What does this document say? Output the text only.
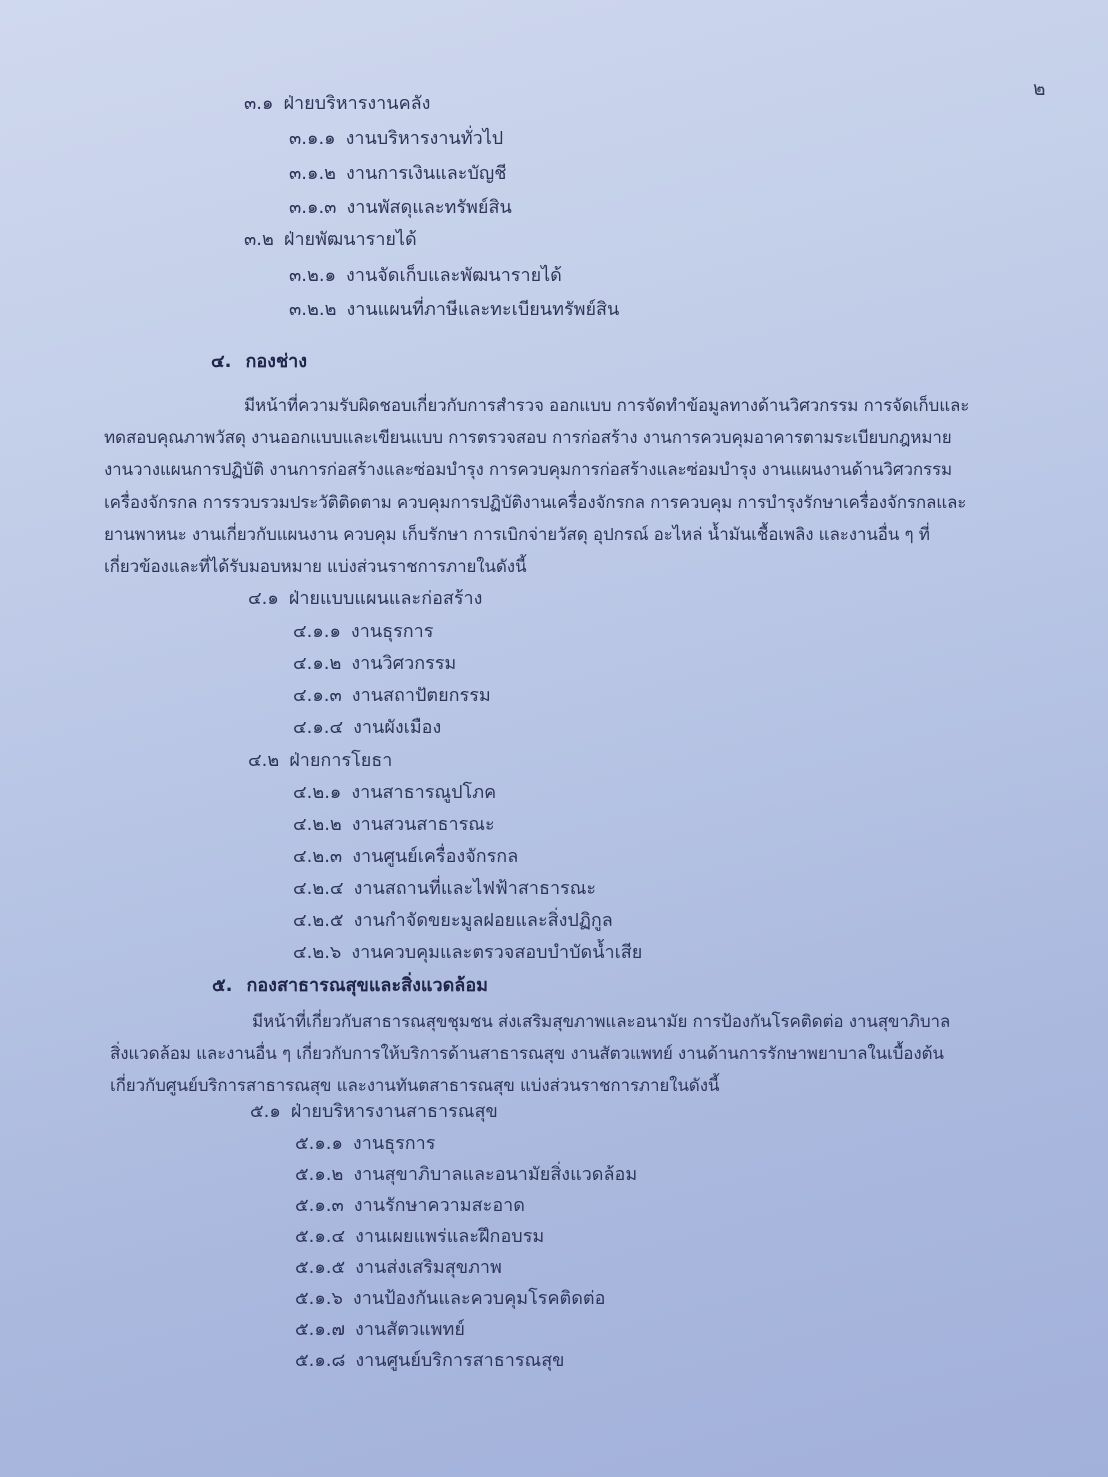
๒
๓.๑ ฝ่ายบริหารงานคลัง
๓.๑.๑ งานบริหารงานทั่วไป
๓.๑.๒ งานการเงินและบัญชี
๓.๑.๓ งานพัสดุและทรัพย์สิน
๓.๒ ฝ่ายพัฒนารายได้
๓.๒.๑ งานจัดเก็บและพัฒนารายได้
๓.๒.๒ งานแผนที่ภาษีและทะเบียนทรัพย์สิน
๔. กองช่าง
มีหน้าที่ความรับผิดชอบเกี่ยวกับการสำรวจ ออกแบบ การจัดทำข้อมูลทางด้านวิศวกรรม การจัดเก็บและ
ทดสอบคุณภาพวัสดุ งานออกแบบและเขียนแบบ การตรวจสอบ การก่อสร้าง งานการควบคุมอาคารตามระเบียบกฎหมาย
งานวางแผนการปฏิบัติ งานการก่อสร้างและซ่อมบำรุง การควบคุมการก่อสร้างและซ่อมบำรุง งานแผนงานด้านวิศวกรรม
เครื่องจักรกล การรวบรวมประวัติติดตาม ควบคุมการปฏิบัติงานเครื่องจักรกล การควบคุม การบำรุงรักษาเครื่องจักรกลและ
ยานพาหนะ งานเกี่ยวกับแผนงาน ควบคุม เก็บรักษา การเบิกจ่ายวัสดุ อุปกรณ์ อะไหล่ น้ำมันเชื้อเพลิง และงานอื่น ๆ ที่
เกี่ยวข้องและที่ได้รับมอบหมาย แบ่งส่วนราชการภายในดังนี้
๔.๑ ฝ่ายแบบแผนและก่อสร้าง
๔.๑.๑ งานธุรการ
๔.๑.๒ งานวิศวกรรม
๔.๑.๓ งานสถาปัตยกรรม
๔.๑.๔ งานผังเมือง
๔.๒ ฝ่ายการโยธา
๔.๒.๑ งานสาธารณูปโภค
๔.๒.๒ งานสวนสาธารณะ
๔.๒.๓ งานศูนย์เครื่องจักรกล
๔.๒.๔ งานสถานที่และไฟฟ้าสาธารณะ
๔.๒.๕ งานกำจัดขยะมูลฝอยและสิ่งปฏิกูล
๔.๒.๖ งานควบคุมและตรวจสอบบำบัดน้ำเสีย
๕. กองสาธารณสุขและสิ่งแวดล้อม
มีหน้าที่เกี่ยวกับสาธารณสุขชุมชน ส่งเสริมสุขภาพและอนามัย การป้องกันโรคติดต่อ งานสุขาภิบาล
สิ่งแวดล้อม และงานอื่น ๆ เกี่ยวกับการให้บริการด้านสาธารณสุข งานสัตวแพทย์ งานด้านการรักษาพยาบาลในเบื้องต้น
เกี่ยวกับศูนย์บริการสาธารณสุข และงานทันตสาธารณสุข แบ่งส่วนราชการภายในดังนี้
๕.๑ ฝ่ายบริหารงานสาธารณสุข
๕.๑.๑ งานธุรการ
๕.๑.๒ งานสุขาภิบาลและอนามัยสิ่งแวดล้อม
๕.๑.๓ งานรักษาความสะอาด
๕.๑.๔ งานเผยแพร่และฝึกอบรม
๕.๑.๕ งานส่งเสริมสุขภาพ
๕.๑.๖ งานป้องกันและควบคุมโรคติดต่อ
๕.๑.๗ งานสัตวแพทย์
๕.๑.๘ งานศูนย์บริการสาธารณสุข
